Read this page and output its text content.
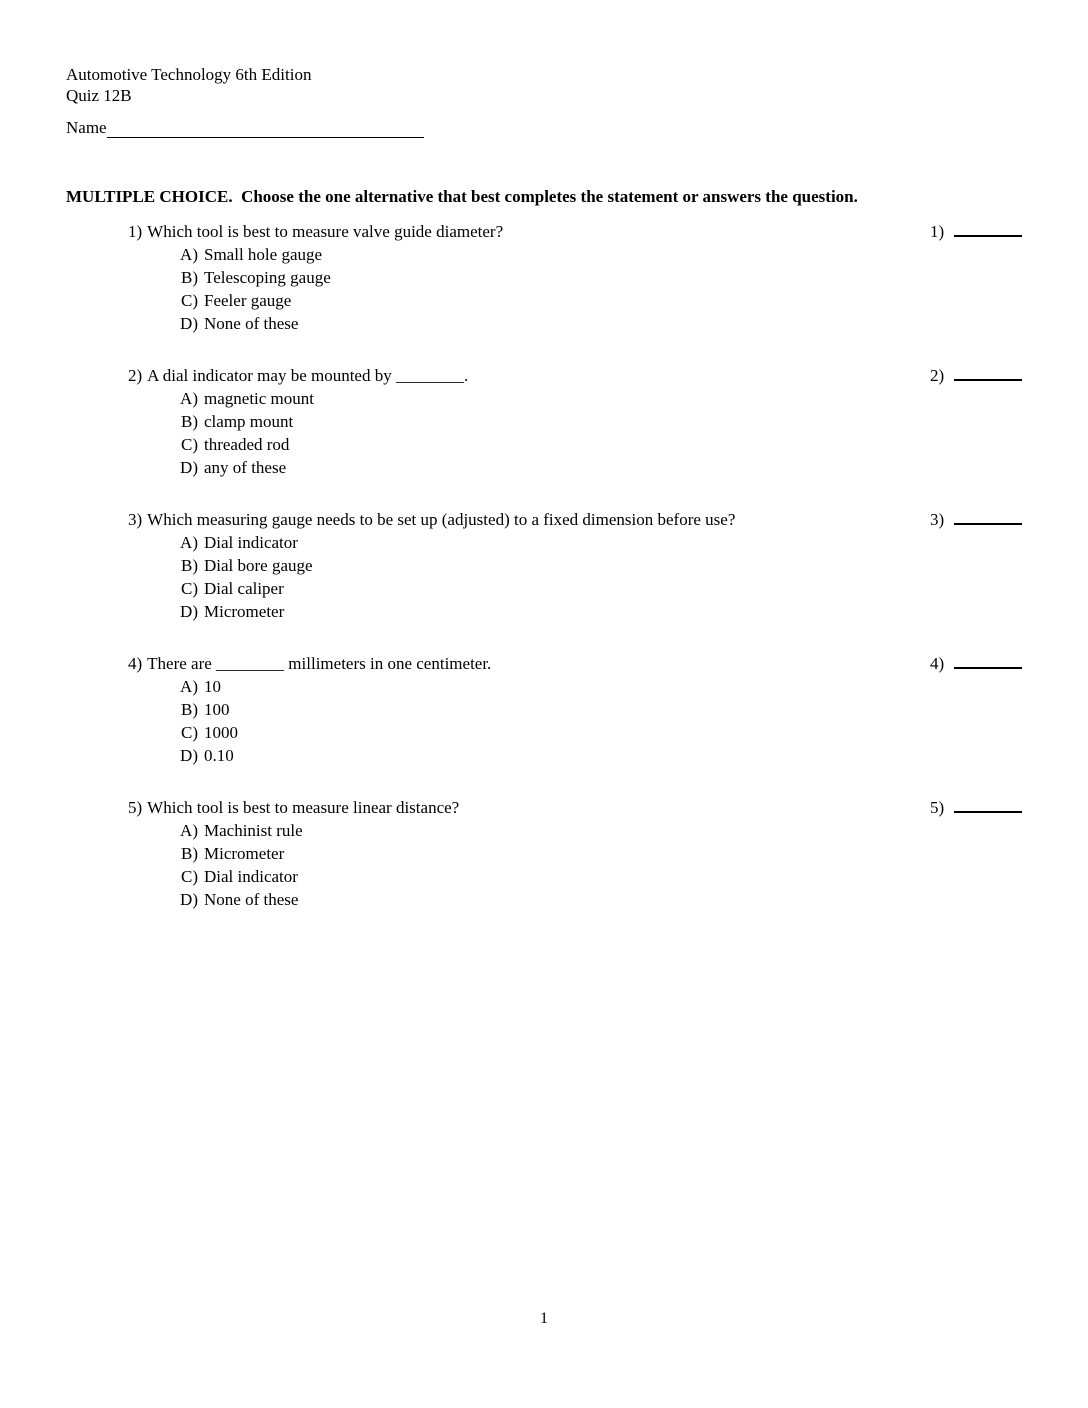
Automotive Technology 6th Edition
Quiz 12B
Name
MULTIPLE CHOICE.  Choose the one alternative that best completes the statement or answers the question.
1) Which tool is best to measure valve guide diameter?	1)
A) Small hole gauge
B) Telescoping gauge
C) Feeler gauge
D) None of these
2) A dial indicator may be mounted by ________.	2)
A) magnetic mount
B) clamp mount
C) threaded rod
D) any of these
3) Which measuring gauge needs to be set up (adjusted) to a fixed dimension before use?	3)
A) Dial indicator
B) Dial bore gauge
C) Dial caliper
D) Micrometer
4) There are ________ millimeters in one centimeter.	4)
A) 10
B) 100
C) 1000
D) 0.10
5) Which tool is best to measure linear distance?	5)
A) Machinist rule
B) Micrometer
C) Dial indicator
D) None of these
1
